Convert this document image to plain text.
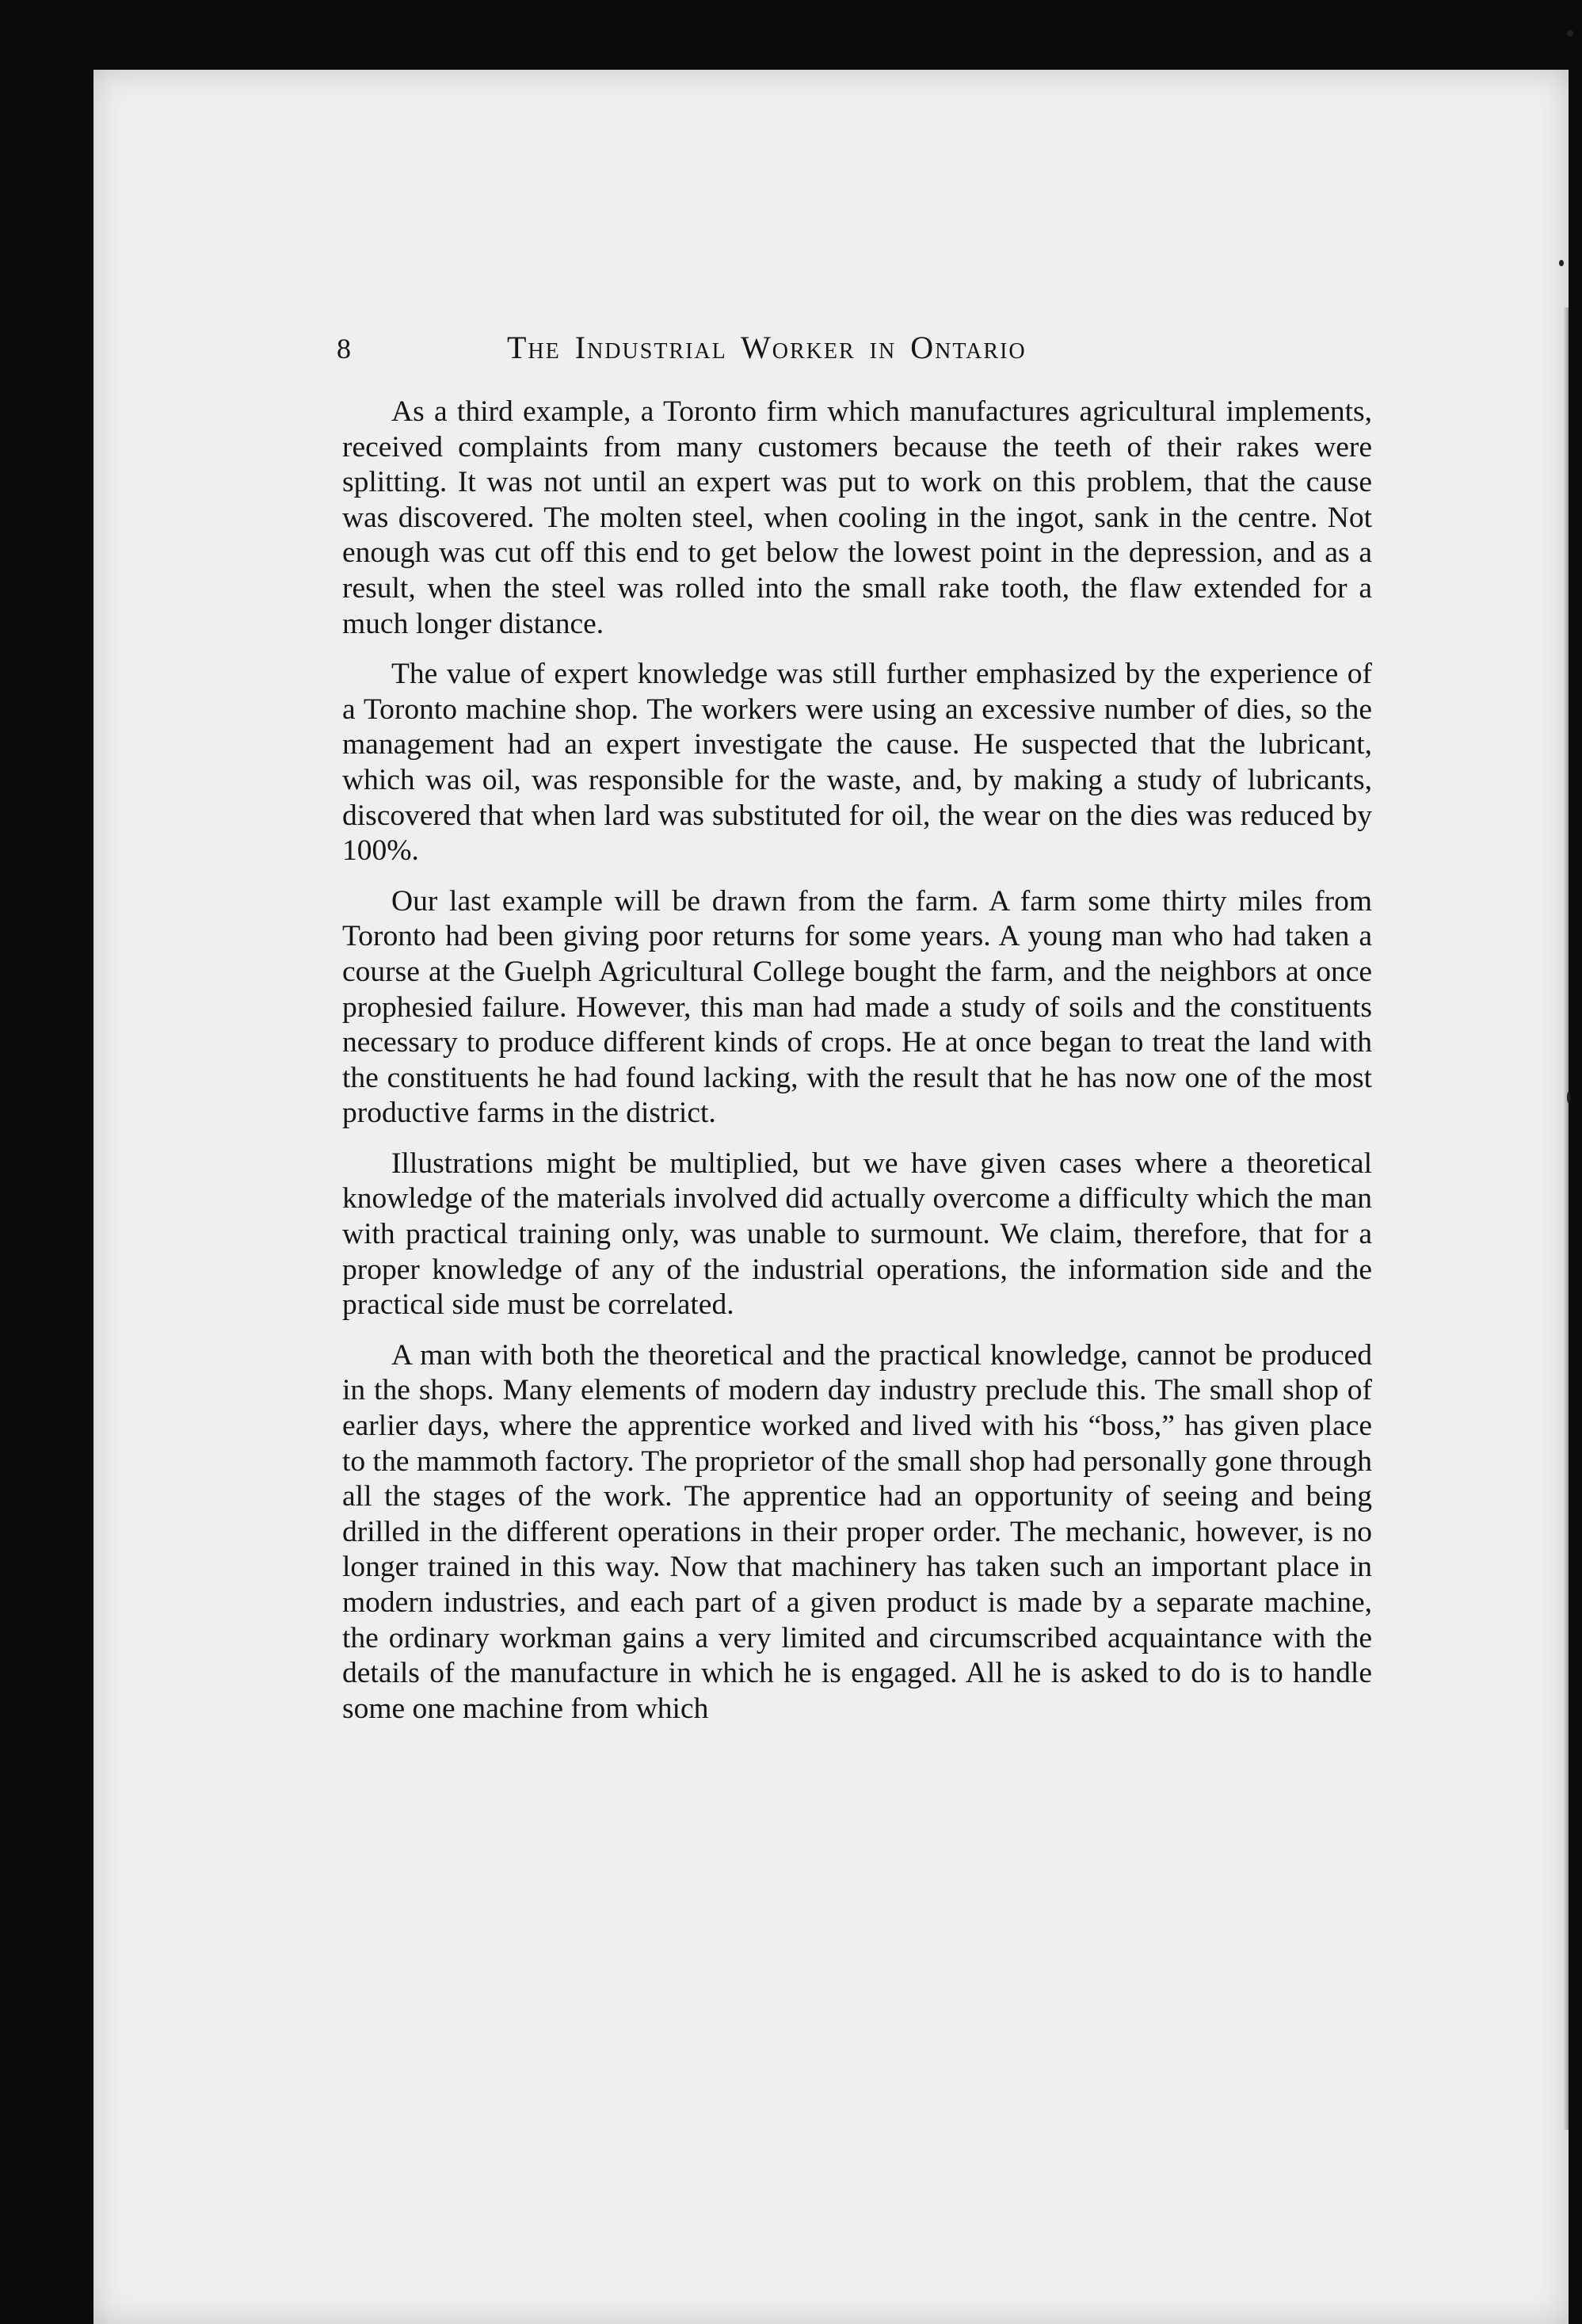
8	The Industrial Worker in Ontario

As a third example, a Toronto firm which manufactures agricultural implements, received complaints from many customers because the teeth of their rakes were splitting. It was not until an expert was put to work on this problem, that the cause was discovered. The molten steel, when cooling in the ingot, sank in the centre. Not enough was cut off this end to get below the lowest point in the depression, and as a result, when the steel was rolled into the small rake tooth, the flaw extended for a much longer distance.

The value of expert knowledge was still further emphasized by the experience of a Toronto machine shop. The workers were using an excessive number of dies, so the management had an expert investigate the cause. He suspected that the lubricant, which was oil, was responsible for the waste, and, by making a study of lubricants, discovered that when lard was substituted for oil, the wear on the dies was reduced by 100%.

Our last example will be drawn from the farm. A farm some thirty miles from Toronto had been giving poor returns for some years. A young man who had taken a course at the Guelph Agricultural College bought the farm, and the neighbors at once prophesied failure. However, this man had made a study of soils and the constituents necessary to produce different kinds of crops. He at once began to treat the land with the constituents he had found lacking, with the result that he has now one of the most productive farms in the district.

Illustrations might be multiplied, but we have given cases where a theoretical knowledge of the materials involved did actually overcome a difficulty which the man with practical training only, was unable to surmount. We claim, therefore, that for a proper knowledge of any of the industrial operations, the information side and the practical side must be correlated.

A man with both the theoretical and the practical knowledge, cannot be produced in the shops. Many elements of modern day industry preclude this. The small shop of earlier days, where the apprentice worked and lived with his “boss,” has given place to the mammoth factory. The proprietor of the small shop had personally gone through all the stages of the work. The apprentice had an opportunity of seeing and being drilled in the different operations in their proper order. The mechanic, however, is no longer trained in this way. Now that machinery has taken such an important place in modern industries, and each part of a given product is made by a separate machine, the ordinary workman gains a very limited and circumscribed acquaintance with the details of the manufacture in which he is engaged. All he is asked to do is to handle some one machine from which
